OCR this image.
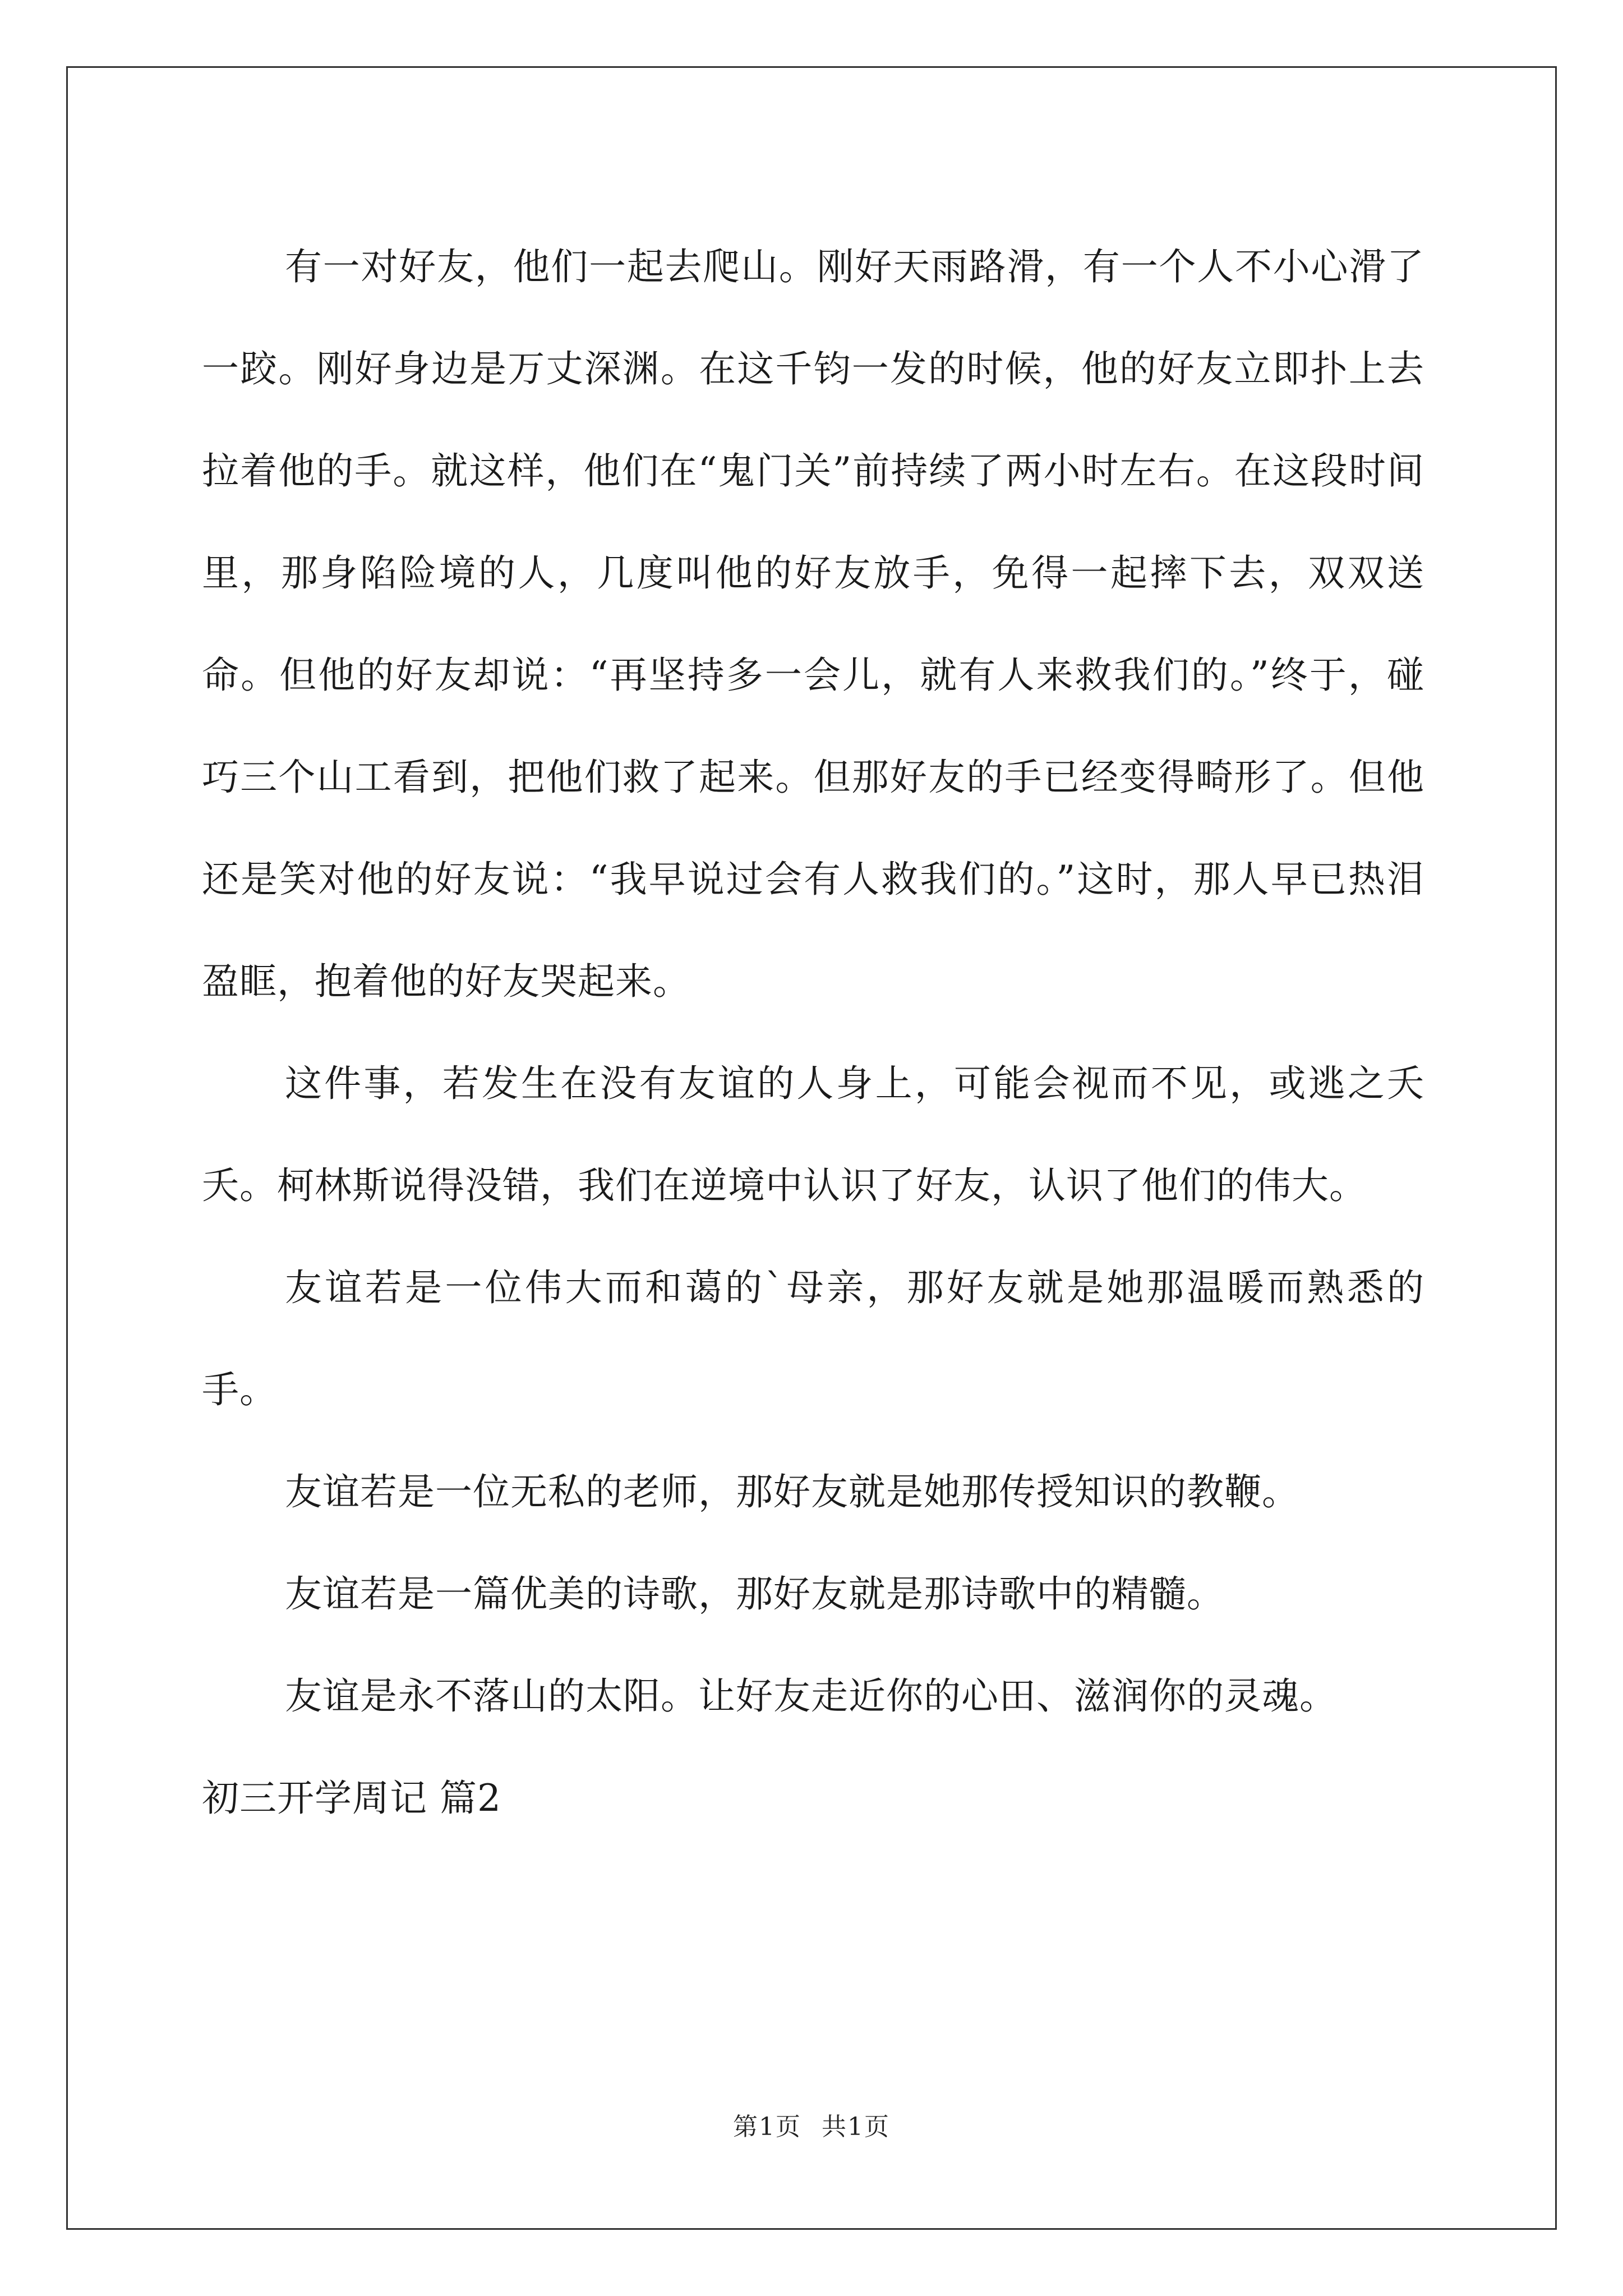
有一对好友，他们一起去爬山。刚好天雨路滑，有一个人不小心滑了一跤。刚好身边是万丈深渊。在这千钧一发的时候，他的好友立即扑上去拉着他的手。就这样，他们在“鬼门关”前持续了两小时左右。在这段时间里，那身陷险境的人，几度叫他的好友放手，免得一起摔下去，双双送命。但他的好友却说：“再坚持多一会儿，就有人来救我们的。”终于，碰巧三个山工看到，把他们救了起来。但那好友的手已经变得畸形了。但他还是笑对他的好友说：“我早说过会有人救我们的。”这时，那人早已热泪盈眶，抱着他的好友哭起来。

这件事，若发生在没有友谊的人身上，可能会视而不见，或逃之夭夭。柯林斯说得没错，我们在逆境中认识了好友，认识了他们的伟大。

友谊若是一位伟大而和蔼的`母亲，那好友就是她那温暖而熟悉的手。

友谊若是一位无私的老师，那好友就是她那传授知识的教鞭。

友谊若是一篇优美的诗歌，那好友就是那诗歌中的精髓。

友谊是永不落山的太阳。让好友走近你的心田、滋润你的灵魂。

初三开学周记 篇2

第1页 共1页
